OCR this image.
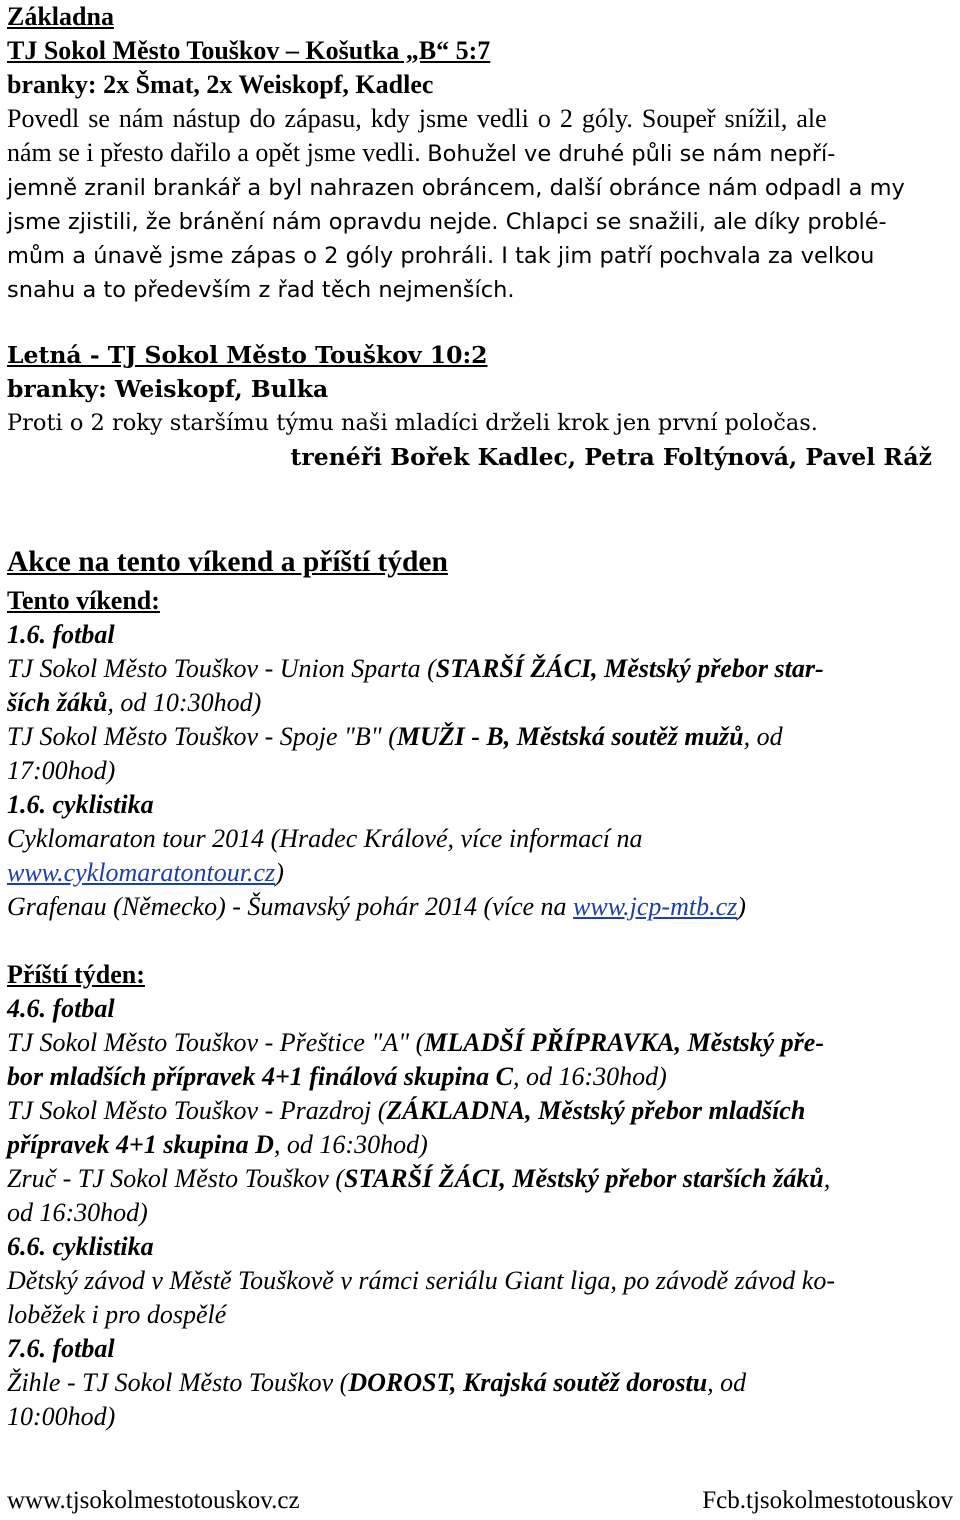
Základna
TJ Sokol Město Touškov – Košutka „B“ 5:7
branky: 2x Šmat, 2x Weiskopf, Kadlec
Povedl se nám nástup do zápasu, kdy jsme vedli o 2 góly. Soupeř snížil, ale
nám se i přesto dařilo a opět jsme vedli. Bohužel ve druhé půli se nám nepří-
jemně zranil brankář a byl nahrazen obráncem, další obránce nám odpadl a my
jsme zjistili, že bránění nám opravdu nejde. Chlapci se snažili, ale díky problé-
mům a únavě jsme zápas o 2 góly prohráli. I tak jim patří pochvala za velkou
snahu a to především z řad těch nejmenších.
Letná - TJ Sokol Město Touškov 10:2
branky: Weiskopf, Bulka
Proti o 2 roky staršímu týmu naši mladíci drželi krok jen první poločas.
trenéři Bořek Kadlec, Petra Foltýnová, Pavel Ráž
Akce na tento víkend a příští týden
Tento víkend:
1.6. fotbal
TJ Sokol Město Touškov - Union Sparta (STARŠÍ ŽÁCI, Městský přebor star-
ších žáků, od 10:30hod)
TJ Sokol Město Touškov - Spoje "B" (MUŽI - B, Městská soutěž mužů, od
17:00hod)
1.6. cyklistika
Cyklomaraton tour 2014 (Hradec Králové, více informací na
www.cyklomaratontour.cz)
Grafenau (Německo) - Šumavský pohár 2014 (více na www.jcp-mtb.cz)
Příští týden:
4.6. fotbal
TJ Sokol Město Touškov - Přeštice "A" (MLADŠÍ PŘÍPRAVKA, Městský pře-
bor mladších přípravek 4+1 finálová skupina C, od 16:30hod)
TJ Sokol Město Touškov - Prazdroj (ZÁKLADNA, Městský přebor mladších
přípravek 4+1 skupina D, od 16:30hod)
Zruč - TJ Sokol Město Touškov (STARŠÍ ŽÁCI, Městský přebor starších žáků,
od 16:30hod)
6.6. cyklistika
Dětský závod v Městě Touškově v rámci seriálu Giant liga, po závodě závod ko-
loběžek i pro dospělé
7.6. fotbal
Žihle - TJ Sokol Město Touškov (DOROST, Krajská soutěž dorostu, od
10:00hod)
www.tjsokolmestotouskov.cz	Fcb.tjsokolmestotouskov
